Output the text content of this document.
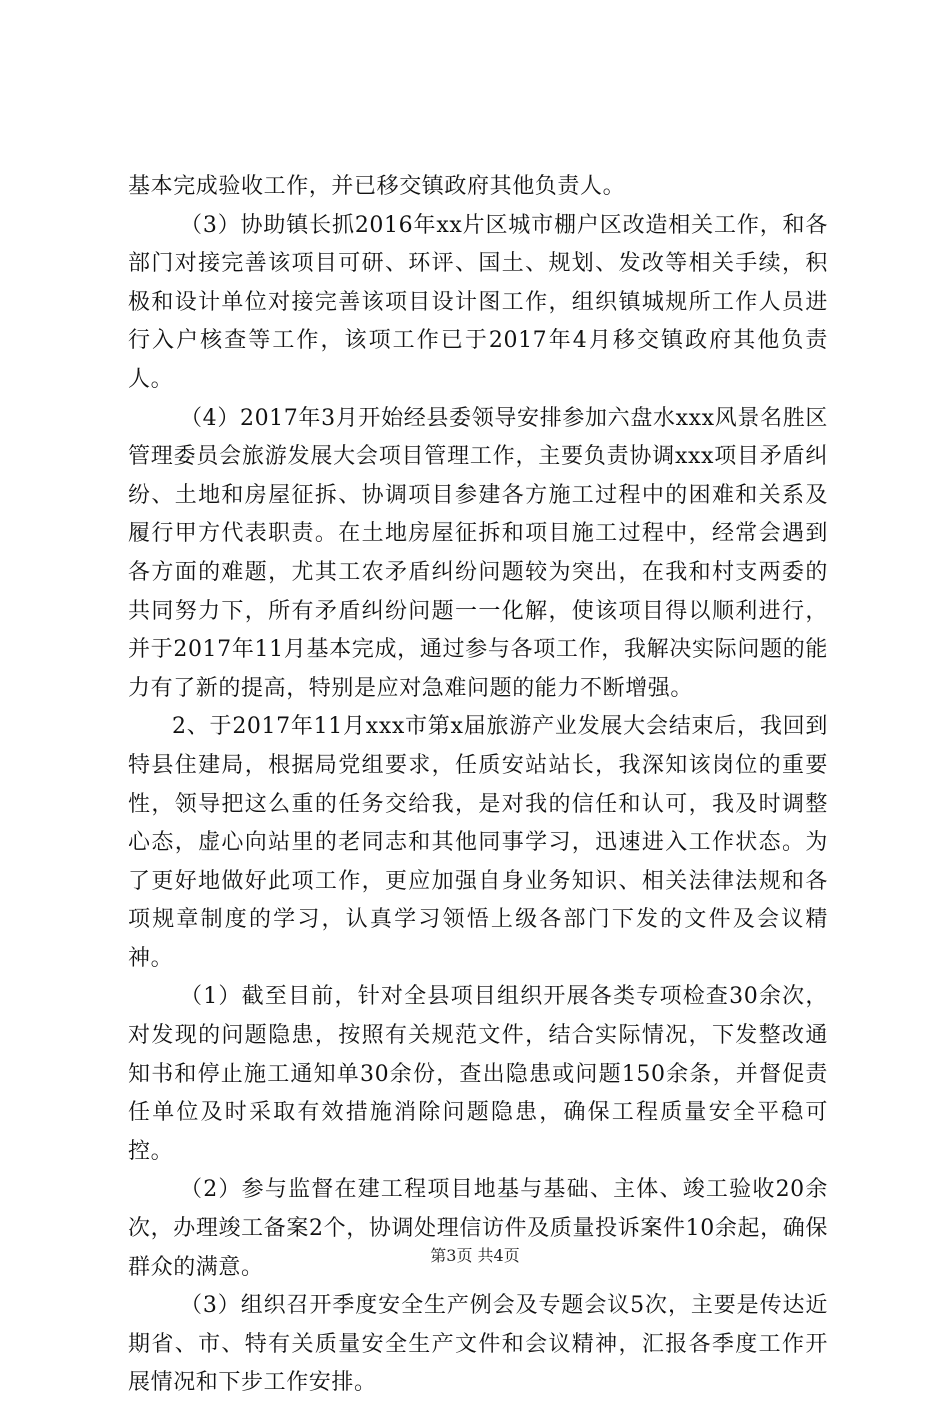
基本完成验收工作，并已移交镇政府其他负责人。

（3）协助镇长抓2016年xx片区城市棚户区改造相关工作，和各部门对接完善该项目可研、环评、国土、规划、发改等相关手续，积极和设计单位对接完善该项目设计图工作，组织镇城规所工作人员进行入户核查等工作，该项工作已于2017年4月移交镇政府其他负责人。

（4）2017年3月开始经县委领导安排参加六盘水xxx风景名胜区管理委员会旅游发展大会项目管理工作，主要负责协调xxx项目矛盾纠纷、土地和房屋征拆、协调项目参建各方施工过程中的困难和关系及履行甲方代表职责。在土地房屋征拆和项目施工过程中，经常会遇到各方面的难题，尤其工农矛盾纠纷问题较为突出，在我和村支两委的共同努力下，所有矛盾纠纷问题一一化解，使该项目得以顺利进行，并于2017年11月基本完成，通过参与各项工作，我解决实际问题的能力有了新的提高，特别是应对急难问题的能力不断增强。

2、于2017年11月xxx市第x届旅游产业发展大会结束后，我回到特县住建局，根据局党组要求，任质安站站长，我深知该岗位的重要性，领导把这么重的任务交给我，是对我的信任和认可，我及时调整心态，虚心向站里的老同志和其他同事学习，迅速进入工作状态。为了更好地做好此项工作，更应加强自身业务知识、相关法律法规和各项规章制度的学习，认真学习领悟上级各部门下发的文件及会议精神。

（1）截至目前，针对全县项目组织开展各类专项检查30余次，对发现的问题隐患，按照有关规范文件，结合实际情况，下发整改通知书和停止施工通知单30余份，查出隐患或问题150余条，并督促责任单位及时采取有效措施消除问题隐患，确保工程质量安全平稳可控。

（2）参与监督在建工程项目地基与基础、主体、竣工验收20余次，办理竣工备案2个，协调处理信访件及质量投诉案件10余起，确保群众的满意。

（3）组织召开季度安全生产例会及专题会议5次，主要是传达近期省、市、特有关质量安全生产文件和会议精神，汇报各季度工作开展情况和下步工作安排。

第3页 共4页
